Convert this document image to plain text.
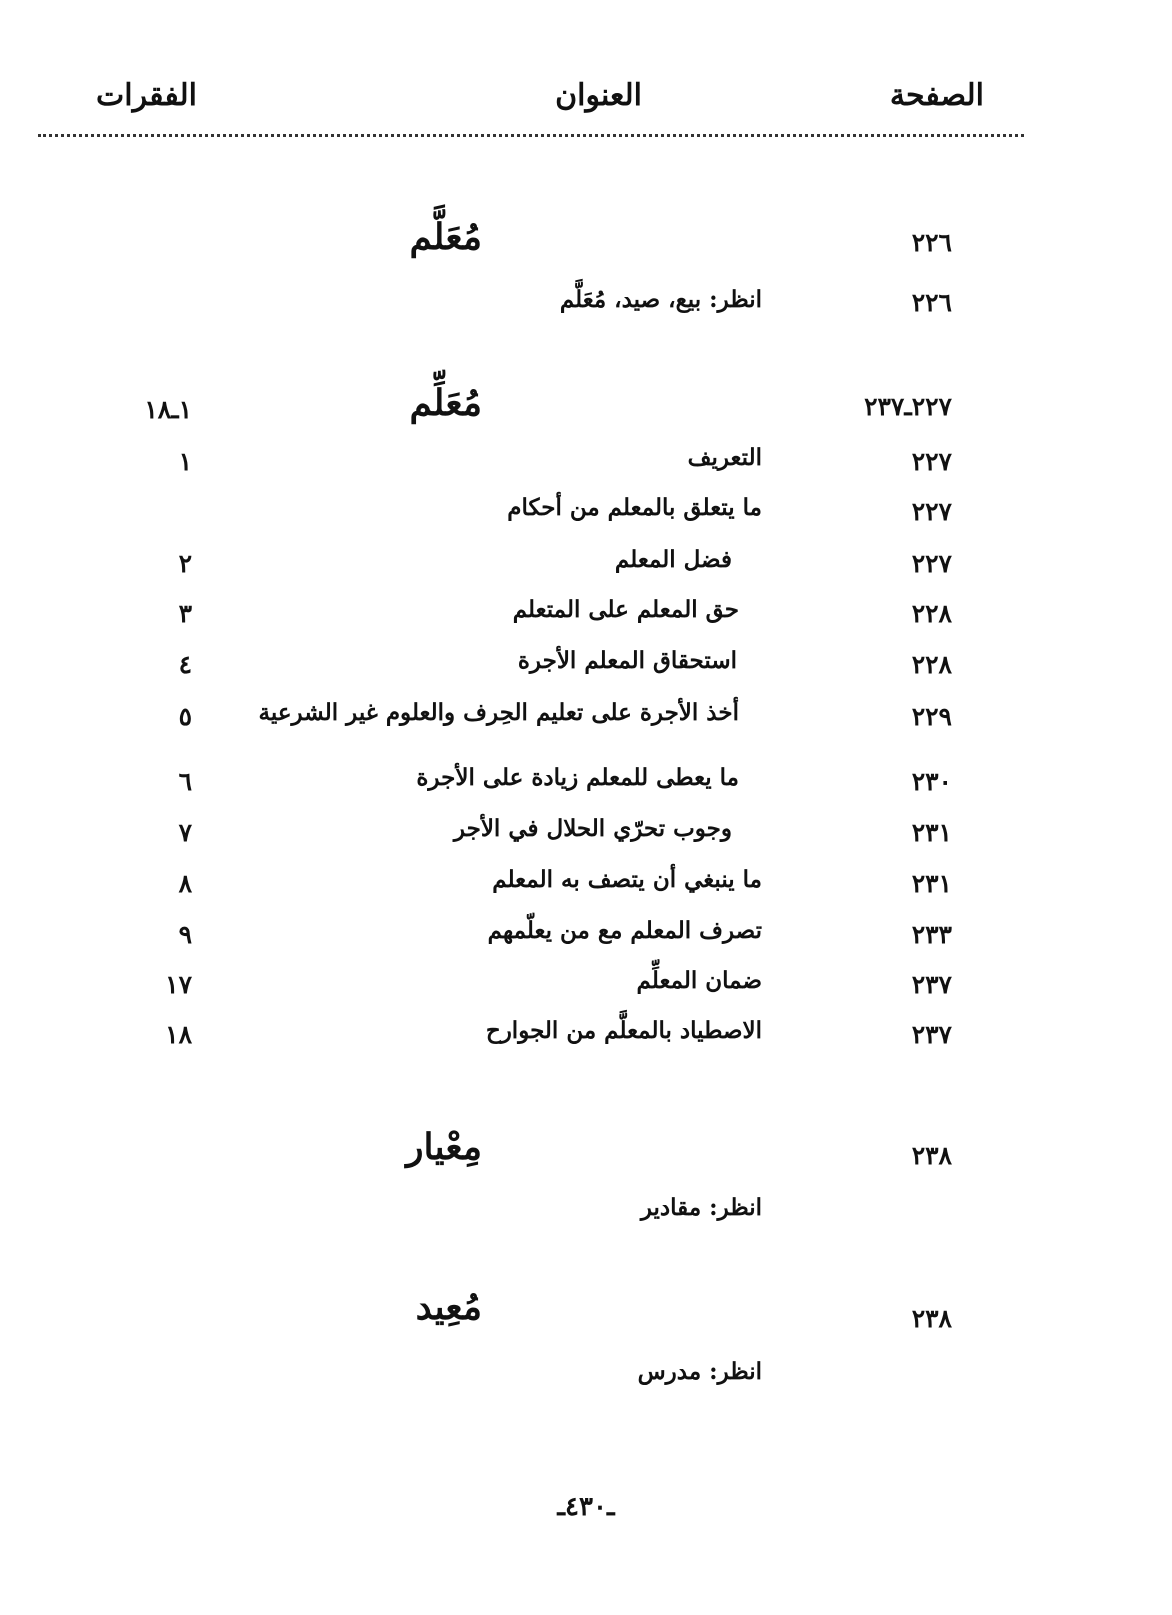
الصفحة
العنوان
الفقرات
٢٢٦
مُعَلَّم
٢٢٦
انظر: بيع، صيد، مُعَلَّم
٢٢٧ـ٢٣٧
مُعَلِّم
١ـ١٨
٢٢٧
التعريف
١
٢٢٧
ما يتعلق بالمعلم من أحكام
٢٢٧
فضل المعلم
٢
٢٢٨
حق المعلم على المتعلم
٣
٢٢٨
استحقاق المعلم الأجرة
٤
٢٢٩
أخذ الأجرة على تعليم الحِرف والعلوم غير الشرعية
٥
٢٣٠
ما يعطى للمعلم زيادة على الأجرة
٦
٢٣١
وجوب تحرّي الحلال في الأجر
٧
٢٣١
ما ينبغي أن يتصف به المعلم
٨
٢٣٣
تصرف المعلم مع من يعلّمهم
٩
٢٣٧
ضمان المعلِّم
١٧
٢٣٧
الاصطياد بالمعلَّم من الجوارح
١٨
٢٣٨
مِعْيار
انظر: مقادير
٢٣٨
مُعِيد
انظر: مدرس
ـ٤٣٠ـ
